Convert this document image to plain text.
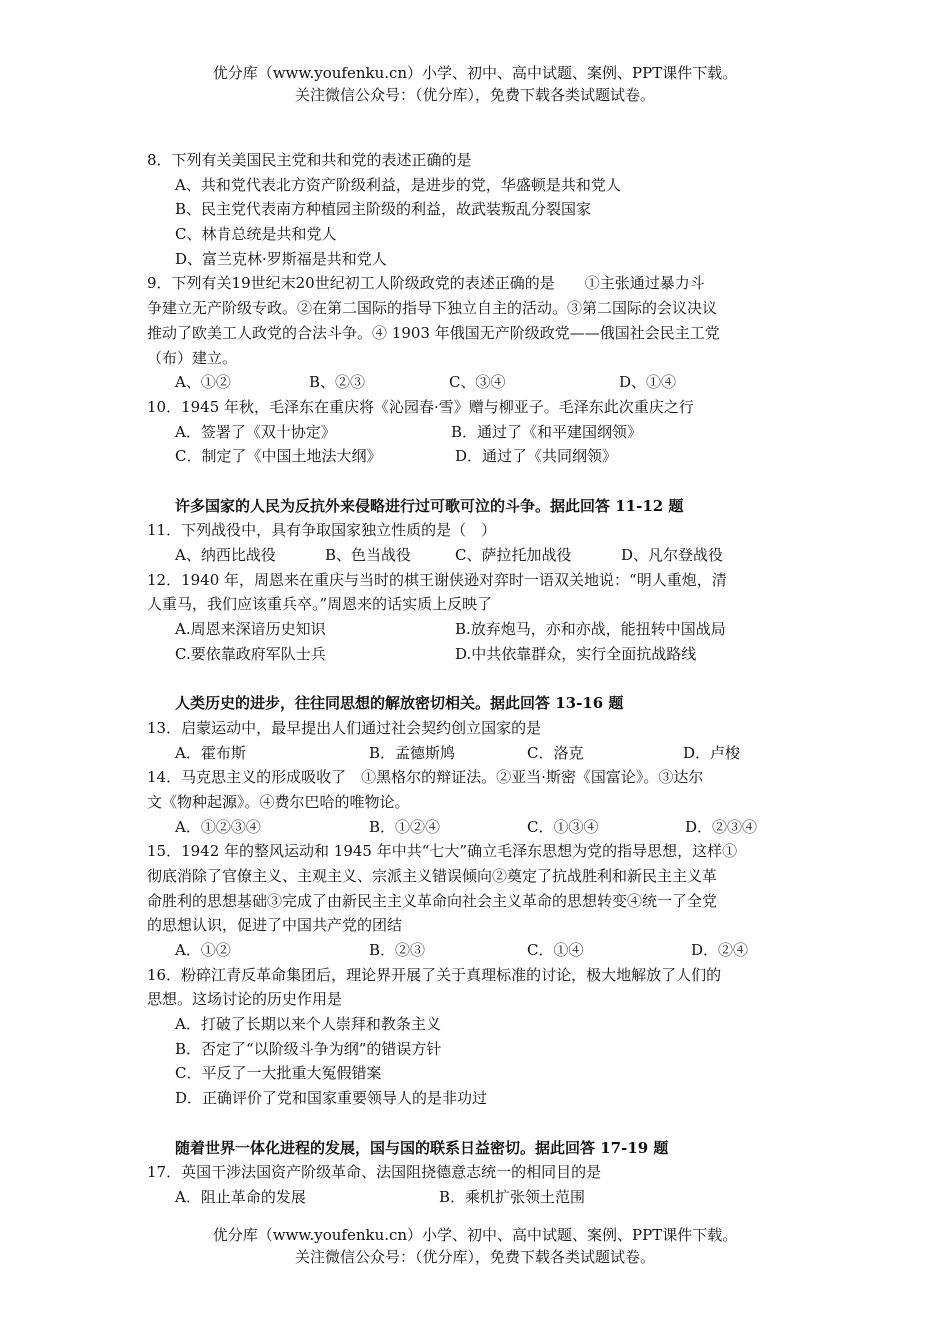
优分库（www.youfenku.cn）小学、初中、高中试题、案例、PPT课件下载。
关注微信公众号：（优分库），免费下载各类试题试卷。
8．下列有关美国民主党和共和党的表述正确的是
A、共和党代表北方资产阶级利益，是进步的党，华盛顿是共和党人
B、民主党代表南方种植园主阶级的利益，故武装叛乱分裂国家
C、林肯总统是共和党人
D、富兰克林·罗斯福是共和党人
9．下列有关19世纪末20世纪初工人阶级政党的表述正确的是　　①主张通过暴力斗
争建立无产阶级专政。②在第二国际的指导下独立自主的活动。③第二国际的会议决议
推动了欧美工人政党的合法斗争。④ 1903 年俄国无产阶级政党——俄国社会民主工党
（布）建立。
A、①②	B、②③	C、③④	D、①④
10．1945 年秋，毛泽东在重庆将《沁园春·雪》赠与柳亚子。毛泽东此次重庆之行
A．签署了《双十协定》	B．通过了《和平建国纲领》
C．制定了《中国土地法大纲》	D．通过了《共同纲领》
许多国家的人民为反抗外来侵略进行过可歌可泣的斗争。据此回答 11-12 题
11．下列战役中，具有争取国家独立性质的是（　）
A、纳西比战役	B、色当战役	C、萨拉托加战役	D、凡尔登战役
12．1940 年，周恩来在重庆与当时的棋王谢侠逊对弈时一语双关地说：“明人重炮，清
人重马，我们应该重兵卒。”周恩来的话实质上反映了
A.周恩来深谙历史知识	B.放弃炮马，亦和亦战，能扭转中国战局
C.要依靠政府军队士兵	D.中共依靠群众，实行全面抗战路线
人类历史的进步，往往同思想的解放密切相关。据此回答 13-16 题
13．启蒙运动中，最早提出人们通过社会契约创立国家的是
A．霍布斯	B．孟德斯鸠	C．洛克	D．卢梭
14．马克思主义的形成吸收了　①黑格尔的辩证法。②亚当·斯密《国富论》。③达尔
文《物种起源》。④费尔巴哈的唯物论。
A．①②③④	B．①②④	C．①③④	D．②③④
15．1942 年的整风运动和 1945 年中共“七大”确立毛泽东思想为党的指导思想，这样①
彻底消除了官僚主义、主观主义、宗派主义错误倾向②奠定了抗战胜利和新民主主义革
命胜利的思想基础③完成了由新民主主义革命向社会主义革命的思想转变④统一了全党
的思想认识，促进了中国共产党的团结
A．①②	B．②③	C．①④	D．②④
16．粉碎江青反革命集团后，理论界开展了关于真理标准的讨论，极大地解放了人们的
思想。这场讨论的历史作用是
A．打破了长期以来个人崇拜和教条主义
B．否定了“以阶级斗争为纲”的错误方针
C．平反了一大批重大冤假错案
D．正确评价了党和国家重要领导人的是非功过
随着世界一体化进程的发展，国与国的联系日益密切。据此回答 17-19 题
17．英国干涉法国资产阶级革命、法国阻挠德意志统一的相同目的是
A．阻止革命的发展	B．乘机扩张领土范围
优分库（www.youfenku.cn）小学、初中、高中试题、案例、PPT课件下载。
关注微信公众号：（优分库），免费下载各类试题试卷。
